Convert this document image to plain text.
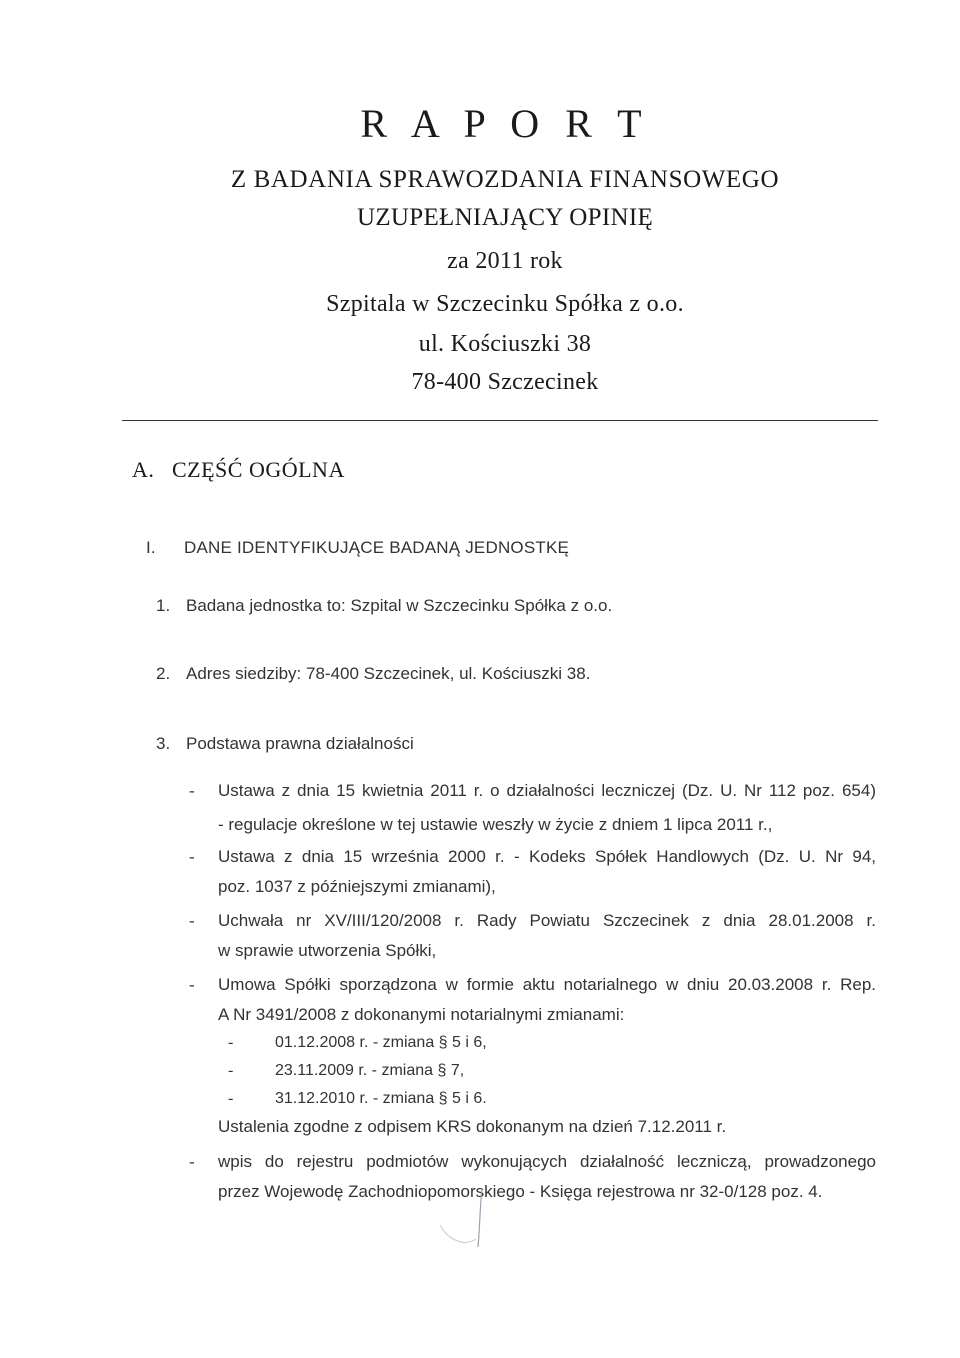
R A P O R T
Z BADANIA SPRAWOZDANIA FINANSOWEGO
UZUPEŁNIAJĄCY OPINIĘ
za 2011 rok
Szpitala w Szczecinku Spółka z o.o.
ul. Kościuszki 38
78-400 Szczecinek
A. CZĘŚĆ OGÓLNA
I. DANE IDENTYFIKUJĄCE BADANĄ JEDNOSTKĘ
1. Badana jednostka to: Szpital w Szczecinku Spółka z o.o.
2. Adres siedziby: 78-400 Szczecinek, ul. Kościuszki 38.
3. Podstawa prawna działalności
- Ustawa z dnia 15 kwietnia 2011 r. o działalności leczniczej (Dz. U. Nr 112 poz. 654)
- regulacje określone w tej ustawie weszły w życie z dniem 1 lipca 2011 r.,
- Ustawa z dnia 15 września 2000 r. - Kodeks Spółek Handlowych (Dz. U. Nr 94,
poz. 1037 z późniejszymi zmianami),
- Uchwała nr XV/III/120/2008 r. Rady Powiatu Szczecinek z dnia 28.01.2008 r.
w sprawie utworzenia Spółki,
- Umowa Spółki sporządzona w formie aktu notarialnego w dniu 20.03.2008 r. Rep.
A Nr 3491/2008 z dokonanymi notarialnymi zmianami:
-	01.12.2008 r. - zmiana § 5 i 6,
-	23.11.2009 r. - zmiana § 7,
-	31.12.2010 r. - zmiana § 5 i 6.
Ustalenia zgodne z odpisem KRS dokonanym na dzień 7.12.2011 r.
- wpis do rejestru podmiotów wykonujących działalność leczniczą, prowadzonego
przez Wojewodę Zachodniopomorskiego - Księga rejestrowa nr 32-0/128 poz. 4.
